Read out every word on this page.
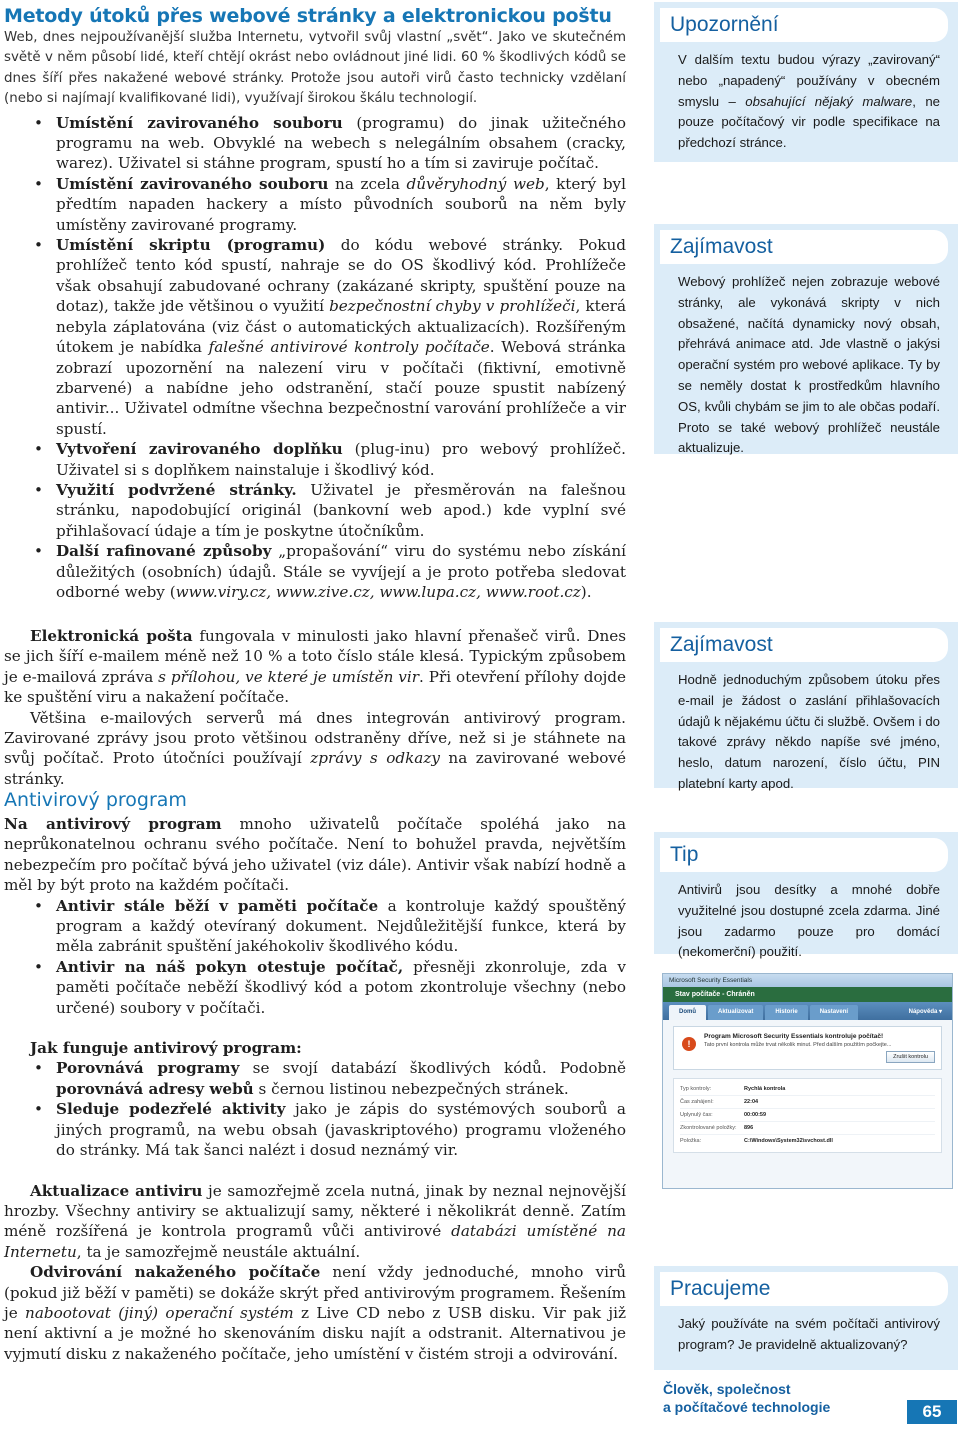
Metody útoků přes webové stránky a elektronickou poštu

Web, dnes nejpoužívanější služba Internetu, vytvořil svůj vlastní „svět“. Jako ve skutečném světě v něm působí lidé, kteří chtějí okrást nebo ovládnout jiné lidi. 60 % škodlivých kódů se dnes šíří přes nakažené webové stránky. Protože jsou autoři virů často technicky vzdělaní (nebo si najímají kvalifikované lidi), využívají širokou škálu technologií.

• Umístění zavirovaného souboru (programu) do jinak užitečného programu na web. Obvyklé na webech s nelegálním obsahem (cracky, warez). Uživatel si stáhne program, spustí ho a tím si zaviruje počítač.
• Umístění zavirovaného souboru na zcela důvěryhodný web, který byl předtím napaden hackery a místo původních souborů na něm byly umístěny zavirované programy.
• Umístění skriptu (programu) do kódu webové stránky. Pokud prohlížeč tento kód spustí, nahraje se do OS škodlivý kód. Prohlížeče však obsahují zabudované ochrany (zakázané skripty, spuštění pouze na dotaz), takže jde většinou o využití bezpečnostní chyby v prohlížeči, která nebyla záplatována (viz část o automatických aktualizacích). Rozšířeným útokem je nabídka falešné antivirové kontroly počítače. Webová stránka zobrazí upozornění na nalezení viru v počítači (fiktivní, emotivně zbarvené) a nabídne jeho odstranění, stačí pouze spustit nabízený antivir... Uživatel odmítne všechna bezpečnostní varování prohlížeče a vir spustí.
• Vytvoření zavirovaného doplňku (plug-inu) pro webový prohlížeč. Uživatel si s doplňkem nainstaluje i škodlivý kód.
• Využití podvržené stránky. Uživatel je přesměrován na falešnou stránku, napodobující originál (bankovní web apod.) kde vyplní své přihlašovací údaje a tím je poskytne útočníkům.
• Další rafinované způsoby „propašování“ viru do systému nebo získání důležitých (osobních) údajů. Stále se vyvíjejí a je proto potřeba sledovat odborné weby (www.viry.cz, www.zive.cz, www.lupa.cz, www.root.cz).

Elektronická pošta fungovala v minulosti jako hlavní přenašeč virů. Dnes se jich šíří e-mailem méně než 10 % a toto číslo stále klesá. Typickým způsobem je e-mailová zpráva s přílohou, ve které je umístěn vir. Při otevření přílohy dojde ke spuštění viru a nakažení počítače.

Většina e-mailových serverů má dnes integrován antivirový program. Zavirované zprávy jsou proto většinou odstraněny dříve, než si je stáhnete na svůj počítač. Proto útočníci používají zprávy s odkazy na zavirované webové stránky.

Antivirový program

Na antivirový program mnoho uživatelů počítače spoléhá jako na neprůkonatelnou ochranu svého počítače. Není to bohužel pravda, největším nebezpečím pro počítač bývá jeho uživatel (viz dále). Antivir však nabízí hodně a měl by být proto na každém počítači.

• Antivir stále běží v paměti počítače a kontroluje každý spouštěný program a každý otevíraný dokument. Nejdůležitější funkce, která by měla zabránit spuštění jakéhokoliv škodlivého kódu.
• Antivir na náš pokyn otestuje počítač, přesněji zkonroluje, zda v paměti počítače neběží škodlivý kód a potom zkontroluje všechny (nebo určené) soubory v počítači.
Jak funguje antivirový program:
• Porovnává programy se svojí databází škodlivých kódů. Podobně porovnává adresy webů s černou listinou nebezpečných stránek.
• Sleduje podezřelé aktivity jako je zápis do systémových souborů a jiných programů, na webu obsah (javaskriptového) programu vloženého do stránky. Má tak šanci nalézt i dosud neznámý vir.

Aktualizace antiviru je samozřejmě zcela nutná, jinak by neznal nejnovější hrozby. Všechny antiviry se aktualizují samy, některé i několikrát denně. Zatím méně rozšířená je kontrola programů vůči antivirové databázi umístěné na Internetu, ta je samozřejmě neustále aktuální.

Odvirování nakaženého počítače není vždy jednoduché, mnoho virů (pokud již běží v paměti) se dokáže skrýt před antivirovým programem. Řešením je nabootovat (jiný) operační systém z Live CD nebo z USB disku. Vir pak již není aktivní a je možné ho skenováním disku najít a odstranit. Alternativou je vyjmutí disku z nakaženého počítače, jeho umístění v čistém stroji a odvirování.

Upozornění
V dalším textu budou výrazy „zavirovaný“ nebo „napadený“ používány v obecném smyslu – obsahující nějaký malware, ne pouze počítačový vir podle specifikace na předchozí stránce.
Zajímavost
Webový prohlížeč nejen zobrazuje webové stránky, ale vykonává skripty v nich obsažené, načítá dynamicky nový obsah, přehrává animace atd. Jde vlastně o jakýsi operační systém pro webové aplikace. Ty by se neměly dostat k prostředkům hlavního OS, kvůli chybám se jim to ale občas podaří. Proto se také webový prohlížeč neustále aktualizuje.
Zajímavost
Hodně jednoduchým způsobem útoku přes e-mail je žádost o zaslání přihlašovacích údajů k nějakému účtu či službě. Ovšem i do takové zprávy někdo napíše své jméno, heslo, datum narození, číslo účtu, PIN platební karty apod.
Tip
Antivirů jsou desítky a mnohé dobře využitelné jsou dostupné zcela zdarma. Jiné jsou zadarmo pouze pro domácí (nekomerční) použití.
Pracujeme
Jaký používáte na svém počítači antivirový program? Je pravidelně aktualizovaný?
Microsoft Security Essentials
Stav počítače - Chráněn
Domů	Aktualizovat	Historie	Nastavení	Nápověda ▾
!
Program Microsoft Security Essentials kontroluje počítač!
Tato první kontrola může trvat několik minut. Před dalším použitím počkejte...
Zrušit kontrolu
Typ kontroly:	Rychlá kontrola
Čas zahájení:	22:04
Uplynulý čas:	00:00:59
Zkontrolované položky:	896
Položka:	C:\Windows\System32\svchost.dll
Člověk, společnost
a počítačové technologie	65
